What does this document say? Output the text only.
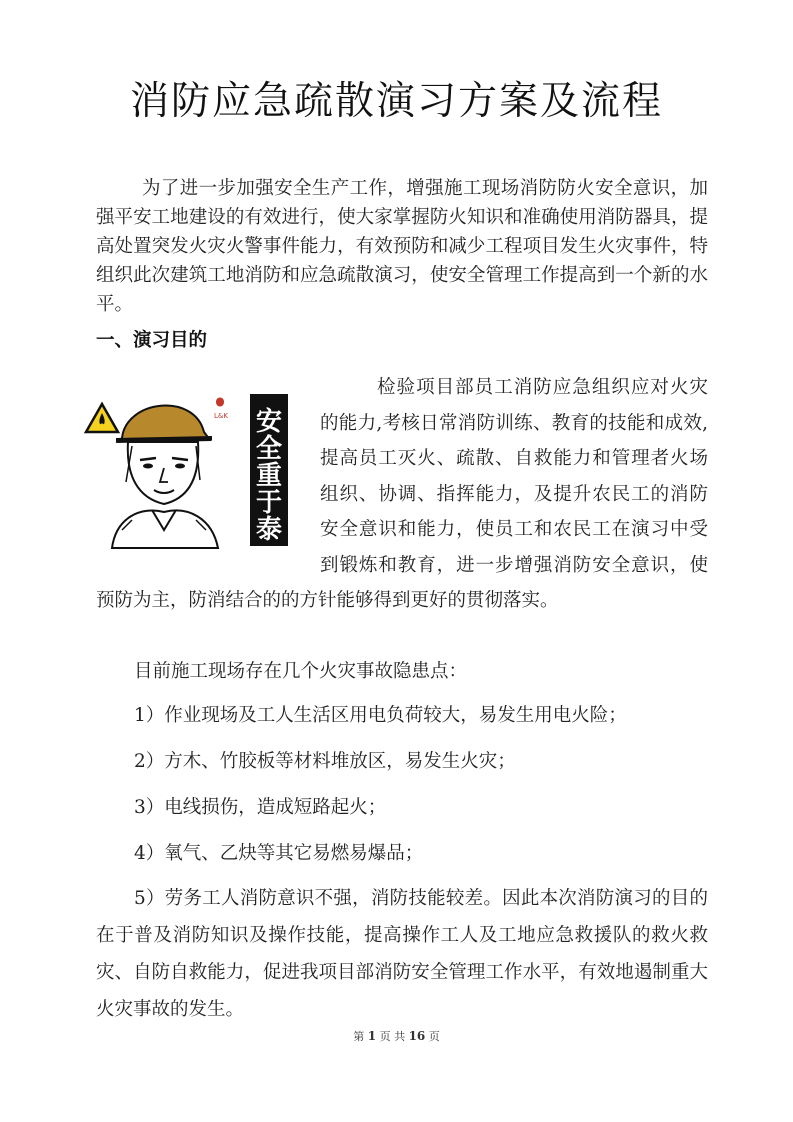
消防应急疏散演习方案及流程
为了进一步加强安全生产工作，增强施工现场消防防火安全意识，加强平安工地建设的有效进行，使大家掌握防火知识和准确使用消防器具，提高处置突发火灾火警事件能力，有效预防和减少工程项目发生火灾事件，特组织此次建筑工地消防和应急疏散演习，使安全管理工作提高到一个新的水平。
一、演习目的
检验项目部员工消防应急组织应对火灾的能力,考核日常消防训练、教育的技能和成效,提高员工灭火、疏散、自救能力和管理者火场组织、协调、指挥能力，及提升农民工的消防安全意识和能力，使员工和农民工在演习中受到锻炼和教育，进一步增强消防安全意识，使预防为主，防消结合的的方针能够得到更好的贯彻落实。
L&K 安
全
重
于
泰
目前施工现场存在几个火灾事故隐患点：
1）作业现场及工人生活区用电负荷较大，易发生用电火险；
2）方木、竹胶板等材料堆放区，易发生火灾；
3）电线损伤，造成短路起火；
4）氧气、乙炔等其它易燃易爆品；
5）劳务工人消防意识不强，消防技能较差。因此本次消防演习的目的在于普及消防知识及操作技能，提高操作工人及工地应急救援队的救火救灾、自防自救能力，促进我项目部消防安全管理工作水平，有效地遏制重大火灾事故的发生。
第 1 页 共 16 页
